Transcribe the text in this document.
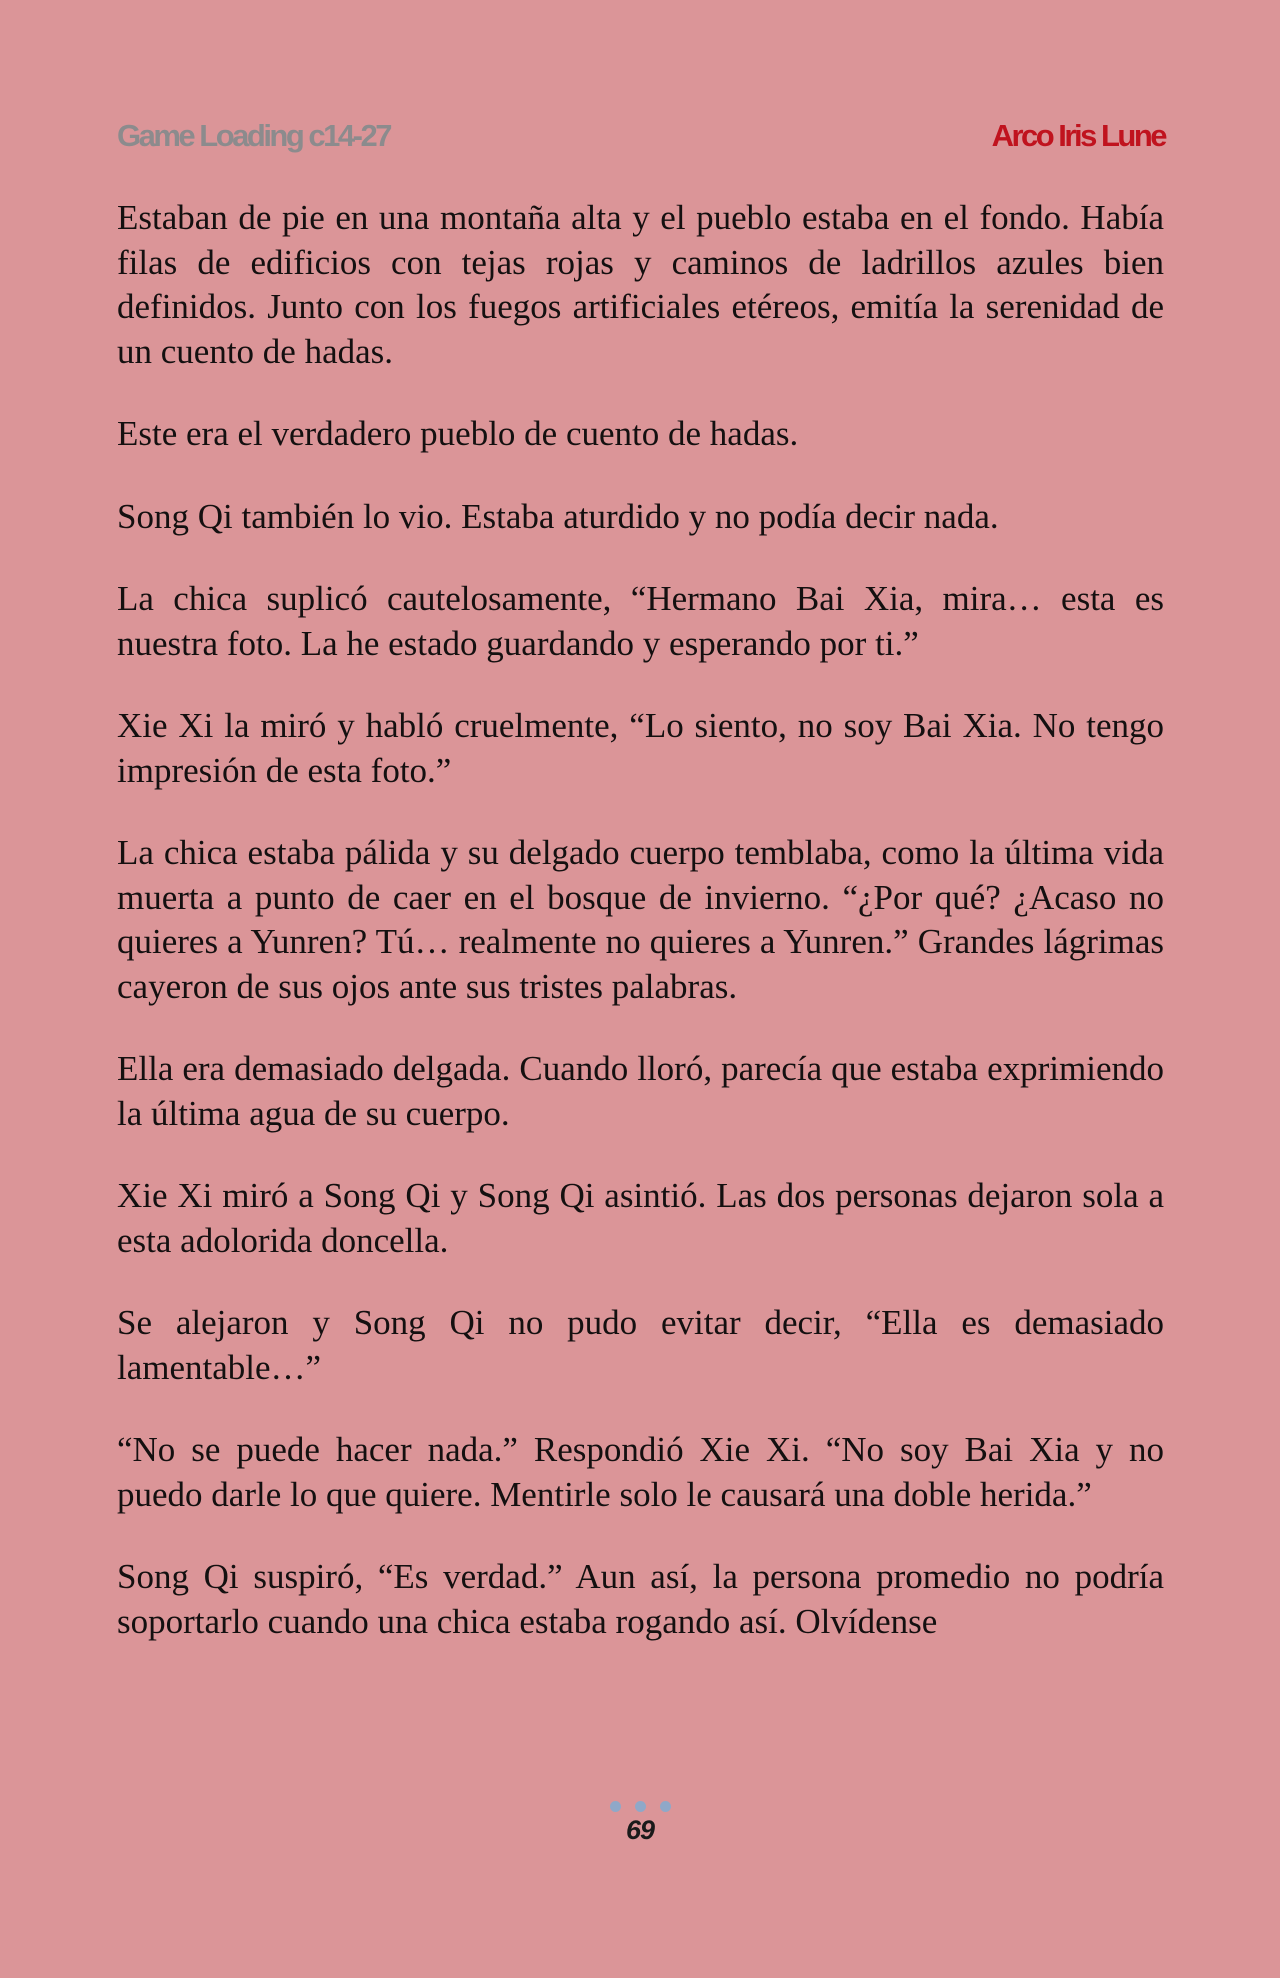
Game Loading c14-27	Arco Iris Lune

Estaban de pie en una montaña alta y el pueblo estaba en el fondo. Había filas de edificios con tejas rojas y caminos de ladrillos azules bien definidos. Junto con los fuegos artificiales etéreos, emitía la serenidad de un cuento de hadas.

Este era el verdadero pueblo de cuento de hadas.

Song Qi también lo vio. Estaba aturdido y no podía decir nada.

La chica suplicó cautelosamente, “Hermano Bai Xia, mira… esta es nuestra foto. La he estado guardando y esperando por ti.”

Xie Xi la miró y habló cruelmente, “Lo siento, no soy Bai Xia. No tengo impresión de esta foto.”

La chica estaba pálida y su delgado cuerpo temblaba, como la última vida muerta a punto de caer en el bosque de invierno. “¿Por qué? ¿Acaso no quieres a Yunren? Tú… realmente no quieres a Yunren.” Grandes lágrimas cayeron de sus ojos ante sus tristes palabras.

Ella era demasiado delgada. Cuando lloró, parecía que estaba exprimiendo la última agua de su cuerpo.

Xie Xi miró a Song Qi y Song Qi asintió. Las dos personas dejaron sola a esta adolorida doncella.

Se alejaron y Song Qi no pudo evitar decir, “Ella es demasiado lamentable…”

“No se puede hacer nada.” Respondió Xie Xi. “No soy Bai Xia y no puedo darle lo que quiere. Mentirle solo le causará una doble herida.”

Song Qi suspiró, “Es verdad.” Aun así, la persona promedio no podría soportarlo cuando una chica estaba rogando así. Olvídense

69
